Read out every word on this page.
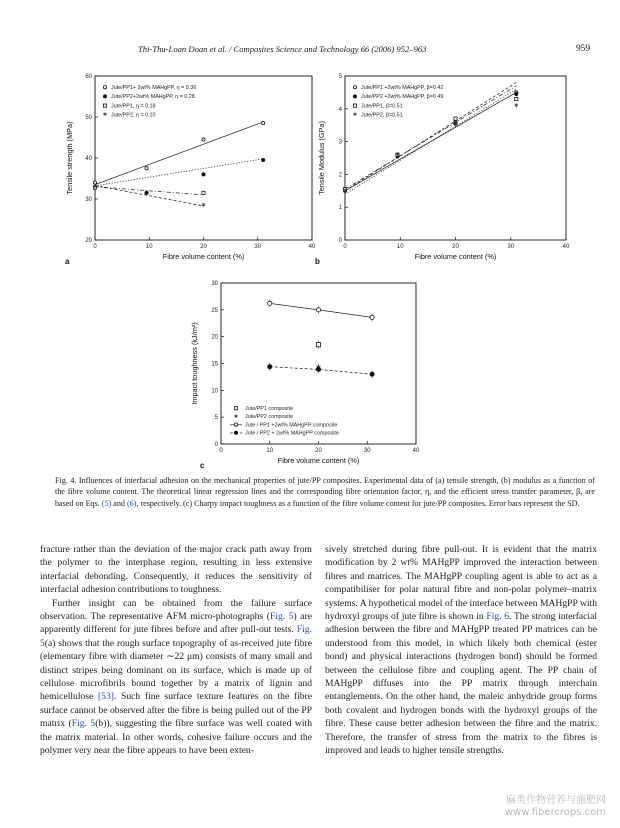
Thi-Thu-Loan Doan et al. / Composites Science and Technology 66 (2006) 952–963	959
0	10	20	30	40
20
30
40
50
60
Fibre volume content (%)
Tensile strength (MPa)
a
✱
✱
Jute/PP1+ 2wt% MAHgPP, η = 0.36
Jute/PP2+2wt% MAHgPP, η = 0.28
Jute/PP1, η = 0.18
✱ Jute/PP2, η = 0.10
0	10	20	30	40
0
1
2
3
4
5
Fibre volume content (%)
Tensile Modulus (GPa)
b
✱
✱
✱
✱
Jute/PP1 +2wt% MAHgPP, β=0.42
Jute/PP2 +2wt% MAHgPP, β=0.49
Jute/PP1, β=0.51
✱ Jute/PP2, β=0.51
0	10	20	30	40
0
5
10
15
20
25
30
Fibre volume content (%)
Impact toughness (kJ/m²)
c
Jute/PP1 composite
✱ Jute/PP2 composite
Jute / PP1 +2wt% MAHgPP composite
Jute / PP2 + 2wt% MAHgPP composite
Fig. 4. Influences of interfacial adhesion on the mechanical properties of jute/PP composites. Experimental data of (a) tensile strength, (b) modulus as a function of the fibre volume content. The theoretical linear regression lines and the corresponding fibre orientation factor, η, and the efficient stress transfer parameter, β, are based on Eqs. (5) and (6), respectively. (c) Charpy impact toughness as a function of the fibre volume content for jute/PP composites. Error bars represent the SD.

fracture rather than the deviation of the major crack path away from the polymer to the interphase region, resulting in less extensive interfacial debonding. Consequently, it reduces the sensitivity of interfacial adhesion contributions to toughness.

Further insight can be obtained from the failure surface observation. The representative AFM micro-photographs (Fig. 5) are apparently different for jute fibres before and after pull-out tests. Fig. 5(a) shows that the rough surface topography of as-received jute fibre (elementary fibre with diameter ∼22 μm) consists of many small and distinct stripes being dominant on its surface, which is made up of cellulose microfibrils bound together by a matrix of lignin and hemicellulose [53]. Such fine surface texture features on the fibre surface cannot be observed after the fibre is being pulled out of the PP matrix (Fig. 5(b)), suggesting the fibre surface was well coated with the matrix material. In other words, cohesive failure occurs and the polymer very near the fibre appears to have been exten-

sively stretched during fibre pull-out. It is evident that the matrix modification by 2 wt% MAHgPP improved the interaction between fibres and matrices. The MAHgPP coupling agent is able to act as a compatibiliser for polar natural fibre and non-polar polymer–matrix systems. A hypothetical model of the interface between MAHgPP with hydroxyl groups of jute fibre is shown in Fig. 6. The strong interfacial adhesion between the fibre and MAHgPP treated PP matrices can be understood from this model, in which likely both chemical (ester bond) and physical interactions (hydrogen bond) should be formed between the cellulose fibre and coupling agent. The PP chain of MAHgPP diffuses into the PP matrix through interchain entanglements. On the other hand, the maleic anhydride group forms both covalent and hydrogen bonds with the hydroxyl groups of the fibre. These cause better adhesion between the fibre and the matrix. Therefore, the transfer of stress from the matrix to the fibres is improved and leads to higher tensile strengths.

麻类作物营养与施肥网
www.fibercrops.com
